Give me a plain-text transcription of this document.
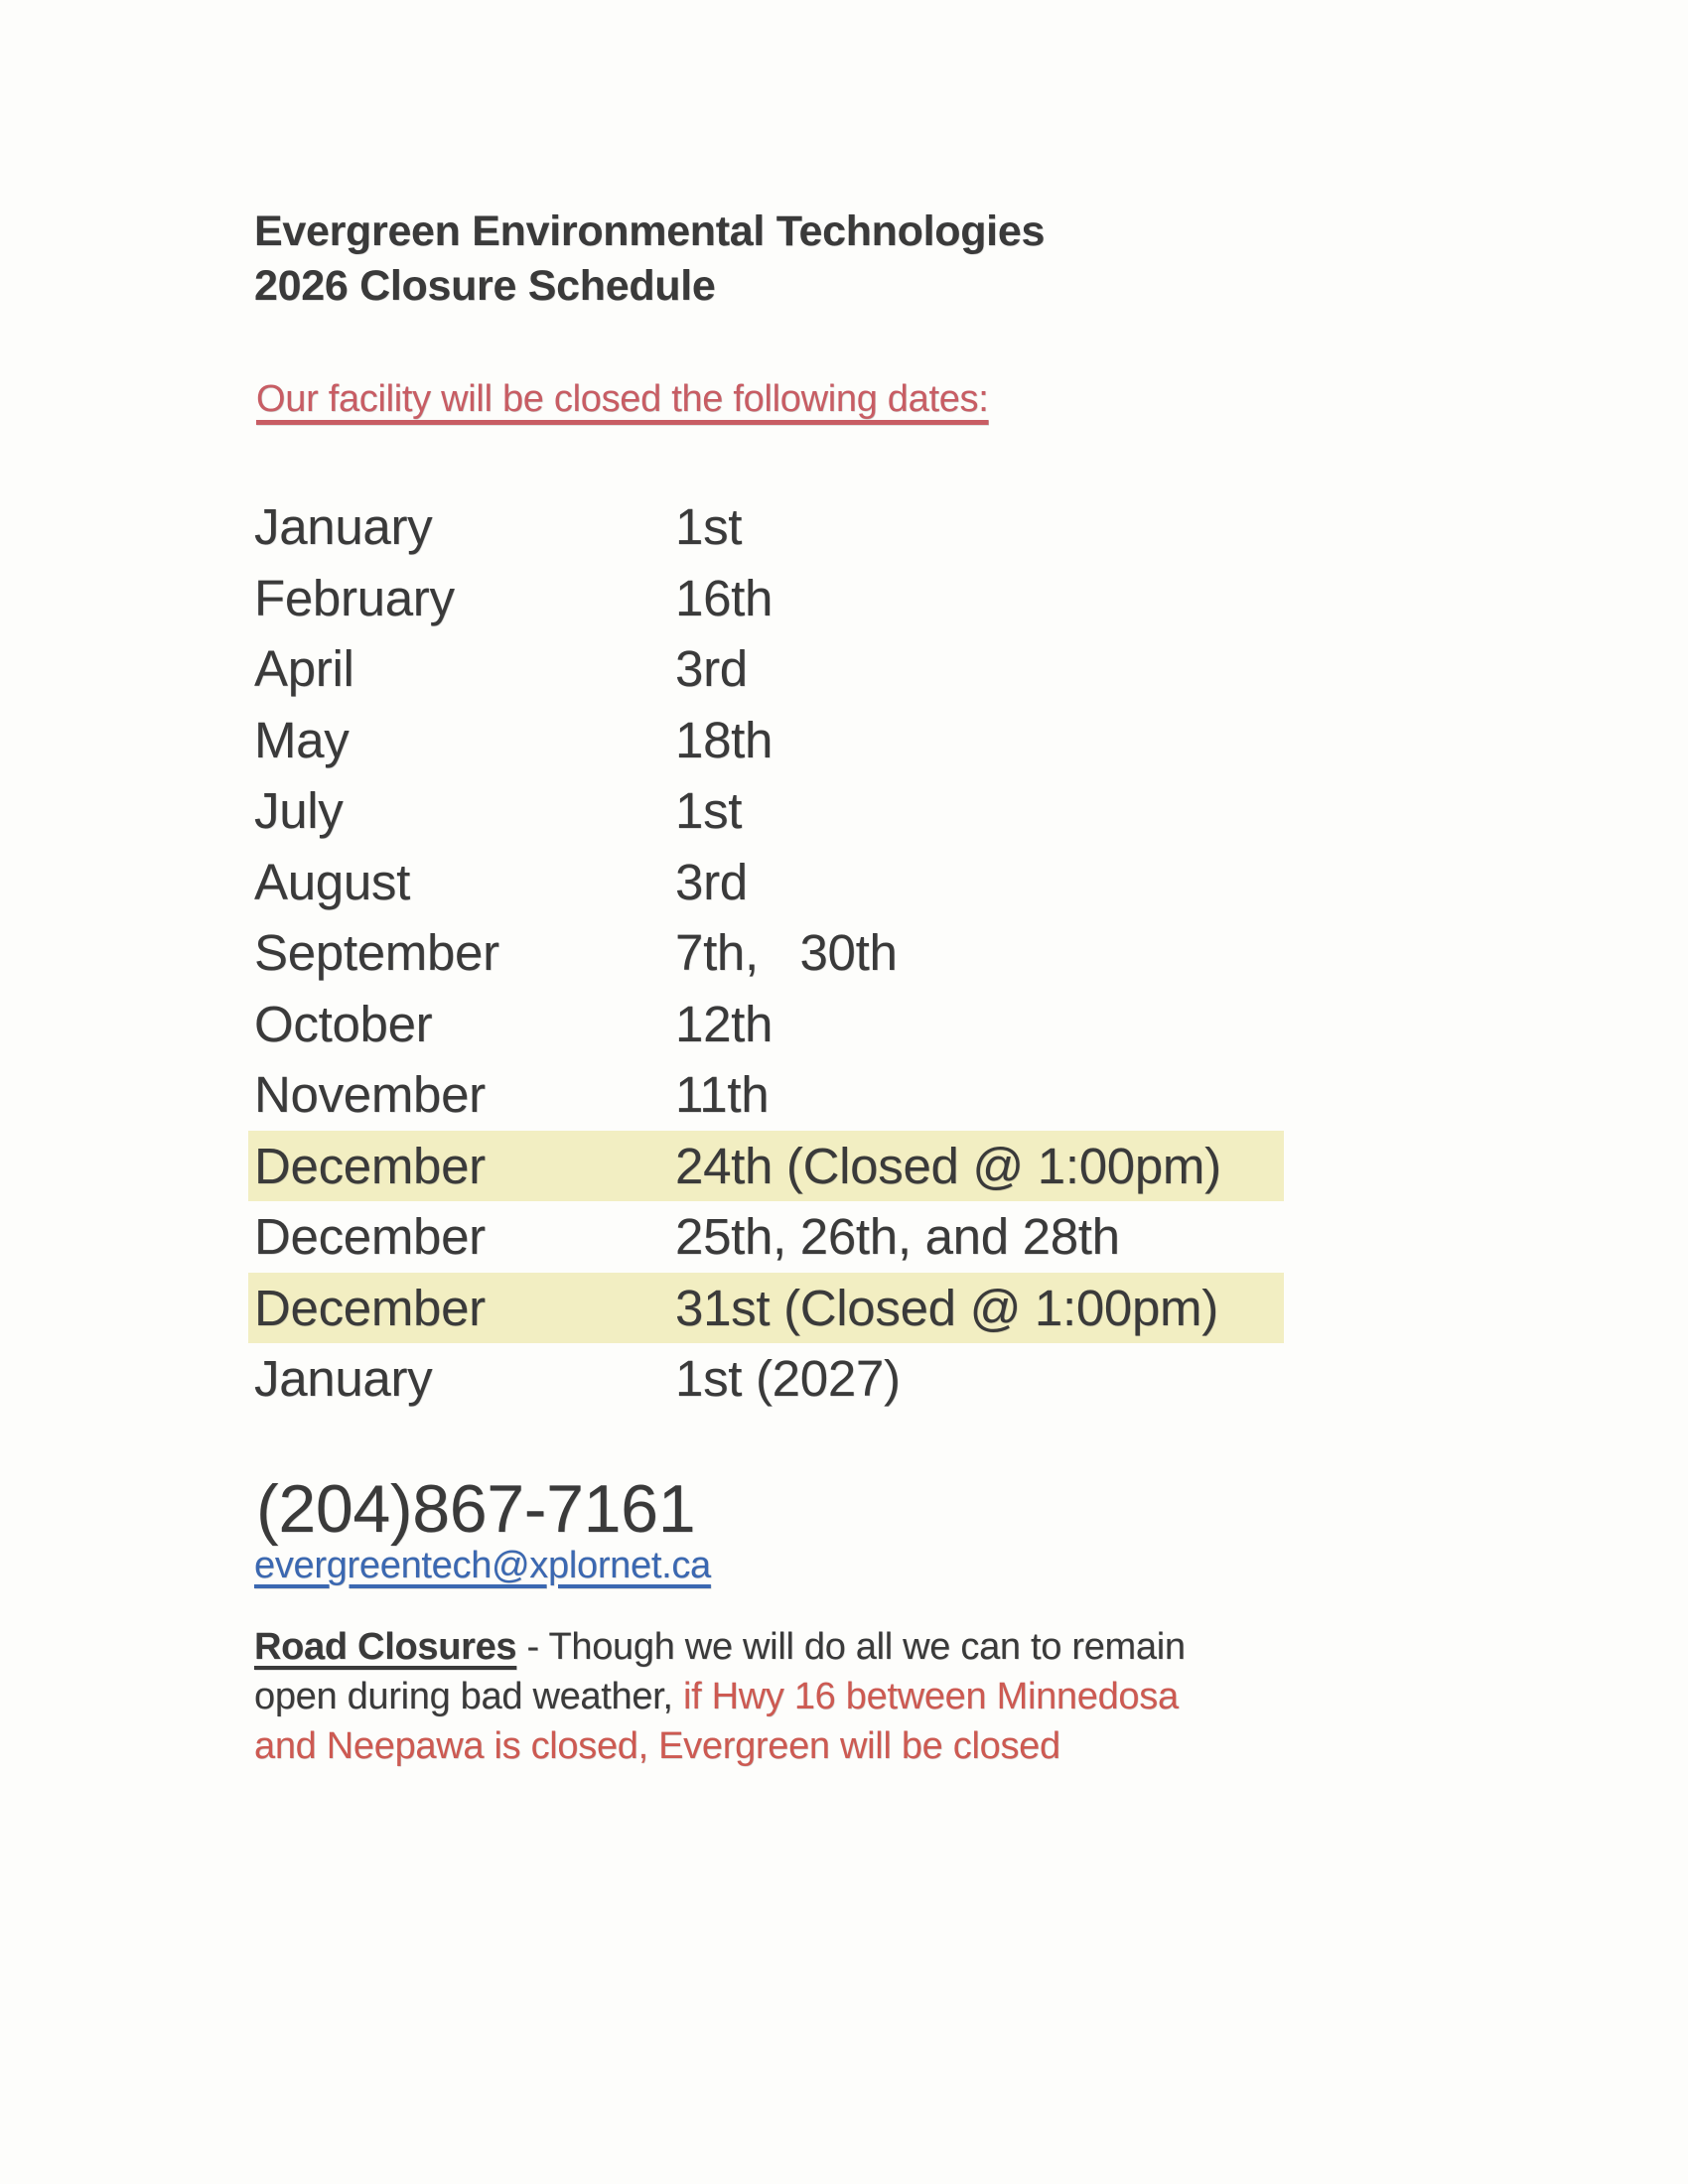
Evergreen Environmental Technologies
2026 Closure Schedule
Our facility will be closed the following dates:
January	1st
February	16th
April	3rd
May	18th
July	1st
August	3rd
September	7th,   30th
October	12th
November	11th
December	24th (Closed @ 1:00pm)
December	25th, 26th, and 28th
December	31st (Closed @ 1:00pm)
January	1st (2027)
(204)867-7161
evergreentech@xplornet.ca
Road Closures - Though we will do all we can to remain
open during bad weather, if Hwy 16 between Minnedosa
and Neepawa is closed, Evergreen will be closed
